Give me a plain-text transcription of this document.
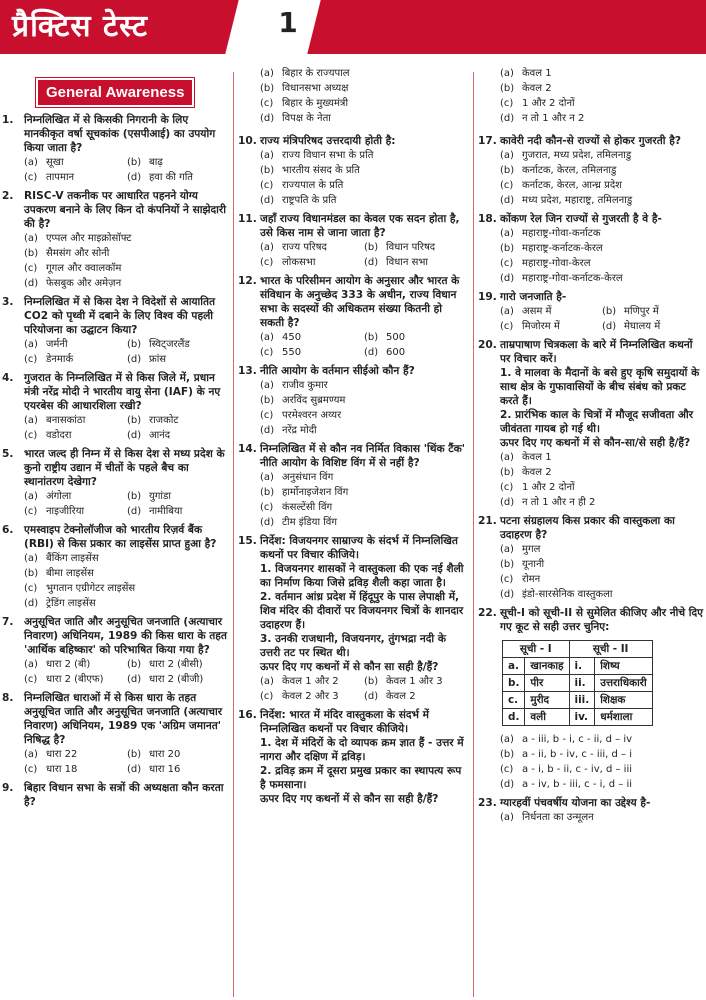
प्रैक्टिस टेस्ट	1
General Awareness
1. निम्नलिखित में से किसकी निगरानी के लिए मानकीकृत वर्षा सूचकांक (एसपीआई) का उपयोग किया जाता है?
(a) सूखा	(b) बाढ़
(c) तापमान	(d) हवा की गति
2. RISC-V तकनीक पर आधारित पहनने योग्य उपकरण बनाने के लिए किन दो कंपनियों ने साझेदारी की है?
(a) एप्पल और माइक्रोसॉफ्ट
(b) सैमसंग और सोनी
(c) गूगल और क्वालकॉम
(d) फेसबुक और अमेज़न
3. निम्नलिखित में से किस देश ने विदेशों से आयातित CO2 को पृथ्वी में दबाने के लिए विश्व की पहली परियोजना का उद्घाटन किया?
(a) जर्मनी	(b) स्विट्जरलैंड
(c) डेनमार्क	(d) फ्रांस
4. गुजरात के निम्नलिखित में से किस जिले में, प्रधान मंत्री नरेंद्र मोदी ने भारतीय वायु सेना (IAF) के नए एयरबेस की आधारशिला रखी?
(a) बनासकांठा	(b) राजकोट
(c) वडोदरा	(d) आनंद
5. भारत जल्द ही निम्न में से किस देश से मध्य प्रदेश के कुनो राष्ट्रीय उद्यान में चीतों के पहले बैच का स्थानांतरण देखेगा?
(a) अंगोला	(b) युगांडा
(c) नाइजीरिया	(d) नामीबिया
6. एमस्वाइप टेक्नोलॉजीज को भारतीय रिज़र्व बैंक (RBI) से किस प्रकार का लाइसेंस प्राप्त हुआ है?
(a) बैंकिंग लाइसेंस
(b) बीमा लाइसेंस
(c) भुगतान एग्रीगेटर लाइसेंस
(d) ट्रेडिंग लाइसेंस
7. अनुसूचित जाति और अनुसूचित जनजाति (अत्याचार निवारण) अधिनियम, 1989 की किस धारा के तहत 'आर्थिक बहिष्कार' को परिभाषित किया गया है?
(a) धारा 2 (बी)	(b) धारा 2 (बीसी)
(c) धारा 2 (बीएफ)	(d) धारा 2 (बीजी)
8. निम्नलिखित धाराओं में से किस धारा के तहत अनुसूचित जाति और अनुसूचित जनजाति (अत्याचार निवारण) अधिनियम, 1989 एक 'अग्रिम जमानत' निषिद्ध है?
(a) धारा 22	(b) धारा 20
(c) धारा 18	(d) धारा 16
9. बिहार विधान सभा के सत्रों की अध्यक्षता कौन करता है?
(a) बिहार के राज्यपाल
(b) विधानसभा अध्यक्ष
(c) बिहार के मुख्यमंत्री
(d) विपक्ष के नेता
10. राज्य मंत्रिपरिषद उत्तरदायी होती है:
(a) राज्य विधान सभा के प्रति
(b) भारतीय संसद के प्रति
(c) राज्यपाल के प्रति
(d) राष्ट्रपति के प्रति
11. जहाँ राज्य विधानमंडल का केवल एक सदन होता है, उसे किस नाम से जाना जाता है?
(a) राज्य परिषद	(b) विधान परिषद
(c) लोकसभा	(d) विधान सभा
12. भारत के परिसीमन आयोग के अनुसार और भारत के संविधान के अनुच्छेद 333 के अधीन, राज्य विधान सभा के सदस्यों की अधिकतम संख्या कितनी हो सकती है?
(a) 450	(b) 500
(c) 550	(d) 600
13. नीति आयोग के वर्तमान सीईओ कौन हैं?
(a) राजीव कुमार
(b) अरविंद सुब्रमण्यम
(c) परमेश्वरन अय्यर
(d) नरेंद्र मोदी
14. निम्नलिखित में से कौन नव निर्मित विकास 'थिंक टैंक' नीति आयोग के विशिष्ट विंग में से नहीं है?
(a) अनुसंधान विंग
(b) हार्मोनाइजेशन विंग
(c) कंसल्टेंसी विंग
(d) टीम इंडिया विंग
15. निर्देश: विजयनगर साम्राज्य के संदर्भ में निम्नलिखित कथनों पर विचार कीजिये।
1. विजयनगर शासकों ने वास्तुकला की एक नई शैली का निर्माण किया जिसे द्रविड़ शैली कहा जाता है।
2. वर्तमान आंध्र प्रदेश में हिंदूपुर के पास लेपाक्षी में, शिव मंदिर की दीवारों पर विजयनगर चित्रों के शानदार उदाहरण हैं।
3. उनकी राजधानी, विजयनगर, तुंगभद्रा नदी के उत्तरी तट पर स्थित थी।
ऊपर दिए गए कथनों में से कौन सा सही है/हैं?
(a) केवल 1 और 2	(b) केवल 1 और 3
(c) केवल 2 और 3	(d) केवल 2
16. निर्देश: भारत में मंदिर वास्तुकला के संदर्भ में निम्नलिखित कथनों पर विचार कीजिये।
1. देश में मंदिरों के दो व्यापक क्रम ज्ञात हैं - उत्तर में नागरा और दक्षिण में द्रविड़।
2. द्रविड़ क्रम में दूसरा प्रमुख प्रकार का स्थापत्य रूप है फमसाना।
ऊपर दिए गए कथनों में से कौन सा सही है/हैं?
(a) केवल 1
(b) केवल 2
(c) 1 और 2 दोनों
(d) न तो 1 और न 2
17. कावेरी नदी कौन-से राज्यों से होकर गुजरती है?
(a) गुजरात, मध्य प्रदेश, तमिलनाडु
(b) कर्नाटक, केरल, तमिलनाडु
(c) कर्नाटक, केरल, आन्ध्र प्रदेश
(d) मध्य प्रदेश, महाराष्ट्र, तमिलनाडु
18. कोंकण रेल जिन राज्यों से गुजरती है वे है-
(a) महाराष्ट्र-गोवा-कर्नाटक
(b) महाराष्ट्र-कर्नाटक-केरल
(c) महाराष्ट्र-गोवा-केरल
(d) महाराष्ट्र-गोवा-कर्नाटक-केरल
19. गारो जनजाति है-
(a) असम में	(b) मणिपुर में
(c) मिजोरम में	(d) मेघालय में
20. ताम्रपाषाण चित्रकला के बारे में निम्नलिखित कथनों पर विचार करें।
1. वे मालवा के मैदानों के बसे हुए कृषि समुदायों के साथ क्षेत्र के गुफावासियों के बीच संबंध को प्रकट करते हैं।
2. प्रारंभिक काल के चित्रों में मौजूद सजीवता और जीवंतता गायब हो गई थी।
ऊपर दिए गए कथनों में से कौन-सा/से सही है/हैं?
(a) केवल 1
(b) केवल 2
(c) 1 और 2 दोनों
(d) न तो 1 और न ही 2
21. पटना संग्रहालय किस प्रकार की वास्तुकला का उदाहरण है?
(a) मुगल
(b) यूनानी
(c) रोमन
(d) इंडो-सारसेनिक वास्तुकला
22. सूची-I को सूची-II से सुमेलित कीजिए और नीचे दिए गए कूट से सही उत्तर चुनिए:
सूची - I		सूची - II	
a.	खानकाह	i.	शिष्य
b.	पीर	ii.	उत्तराधिकारी
c.	मुरीद	iii.	शिक्षक
d.	वली	iv.	धर्मशाला
(a) a - iii, b - i, c - ii, d – iv
(b) a - ii, b - iv, c - iii, d – i
(c) a - i, b - ii, c - iv, d – iii
(d) a - iv, b - iii, c - i, d – ii
23. ग्यारहवीं पंचवर्षीय योजना का उद्देश्य है-
(a) निर्धनता का उन्मूलन
